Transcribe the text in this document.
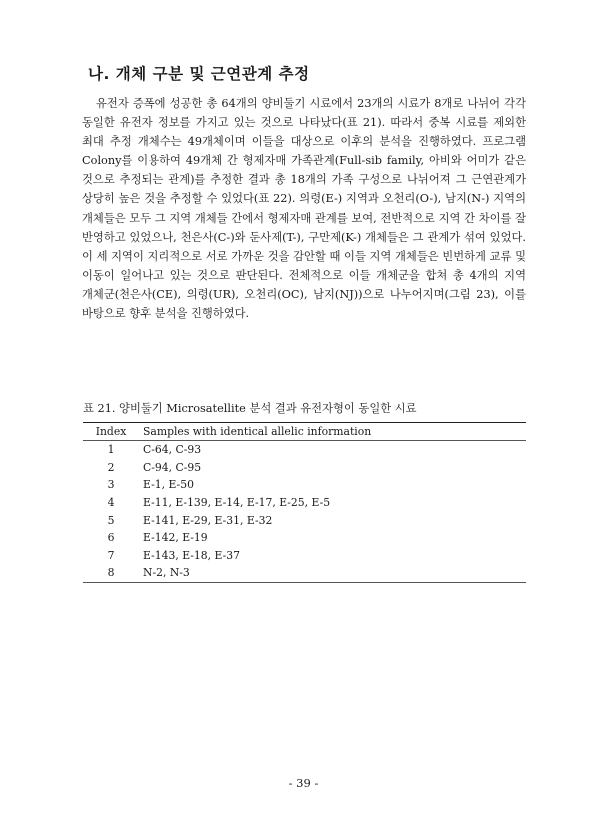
나. 개체 구분 및 근연관계 추정
유전자 증폭에 성공한 총 64개의 양비둘기 시료에서 23개의 시료가 8개로 나뉘어 각각 동일한 유전자 정보를 가지고 있는 것으로 나타났다(표 21). 따라서 중복 시료를 제외한 최대 추정 개체수는 49개체이며 이들을 대상으로 이후의 분석을 진행하였다. 프로그램 Colony를 이용하여 49개체 간 형제자매 가족관계(Full-sib family, 아비와 어미가 같은 것으로 추정되는 관계)를 추정한 결과 총 18개의 가족 구성으로 나뉘어져 그 근연관계가 상당히 높은 것을 추정할 수 있었다(표 22). 의령(E-) 지역과 오천리(O-), 남지(N-) 지역의 개체들은 모두 그 지역 개체들 간에서 형제자매 관계를 보여, 전반적으로 지역 간 차이를 잘 반영하고 있었으나, 천은사(C-)와 둔사제(T-), 구만제(K-) 개체들은 그 관계가 섞여 있었다. 이 세 지역이 지리적으로 서로 가까운 것을 감안할 때 이들 지역 개체들은 빈번하게 교류 및 이동이 일어나고 있는 것으로 판단된다. 전체적으로 이들 개체군을 합쳐 총 4개의 지역 개체군(천은사(CE), 의령(UR), 오천리(OC), 남지(NJ))으로 나누어지며(그림 23), 이를 바탕으로 향후 분석을 진행하였다.
표 21. 양비둘기 Microsatellite 분석 결과 유전자형이 동일한 시료
Index	Samples with identical allelic information
1	C-64, C-93
2	C-94, C-95
3	E-1, E-50
4	E-11, E-139, E-14, E-17, E-25, E-5
5	E-141, E-29, E-31, E-32
6	E-142, E-19
7	E-143, E-18, E-37
8	N-2, N-3
- 39 -
